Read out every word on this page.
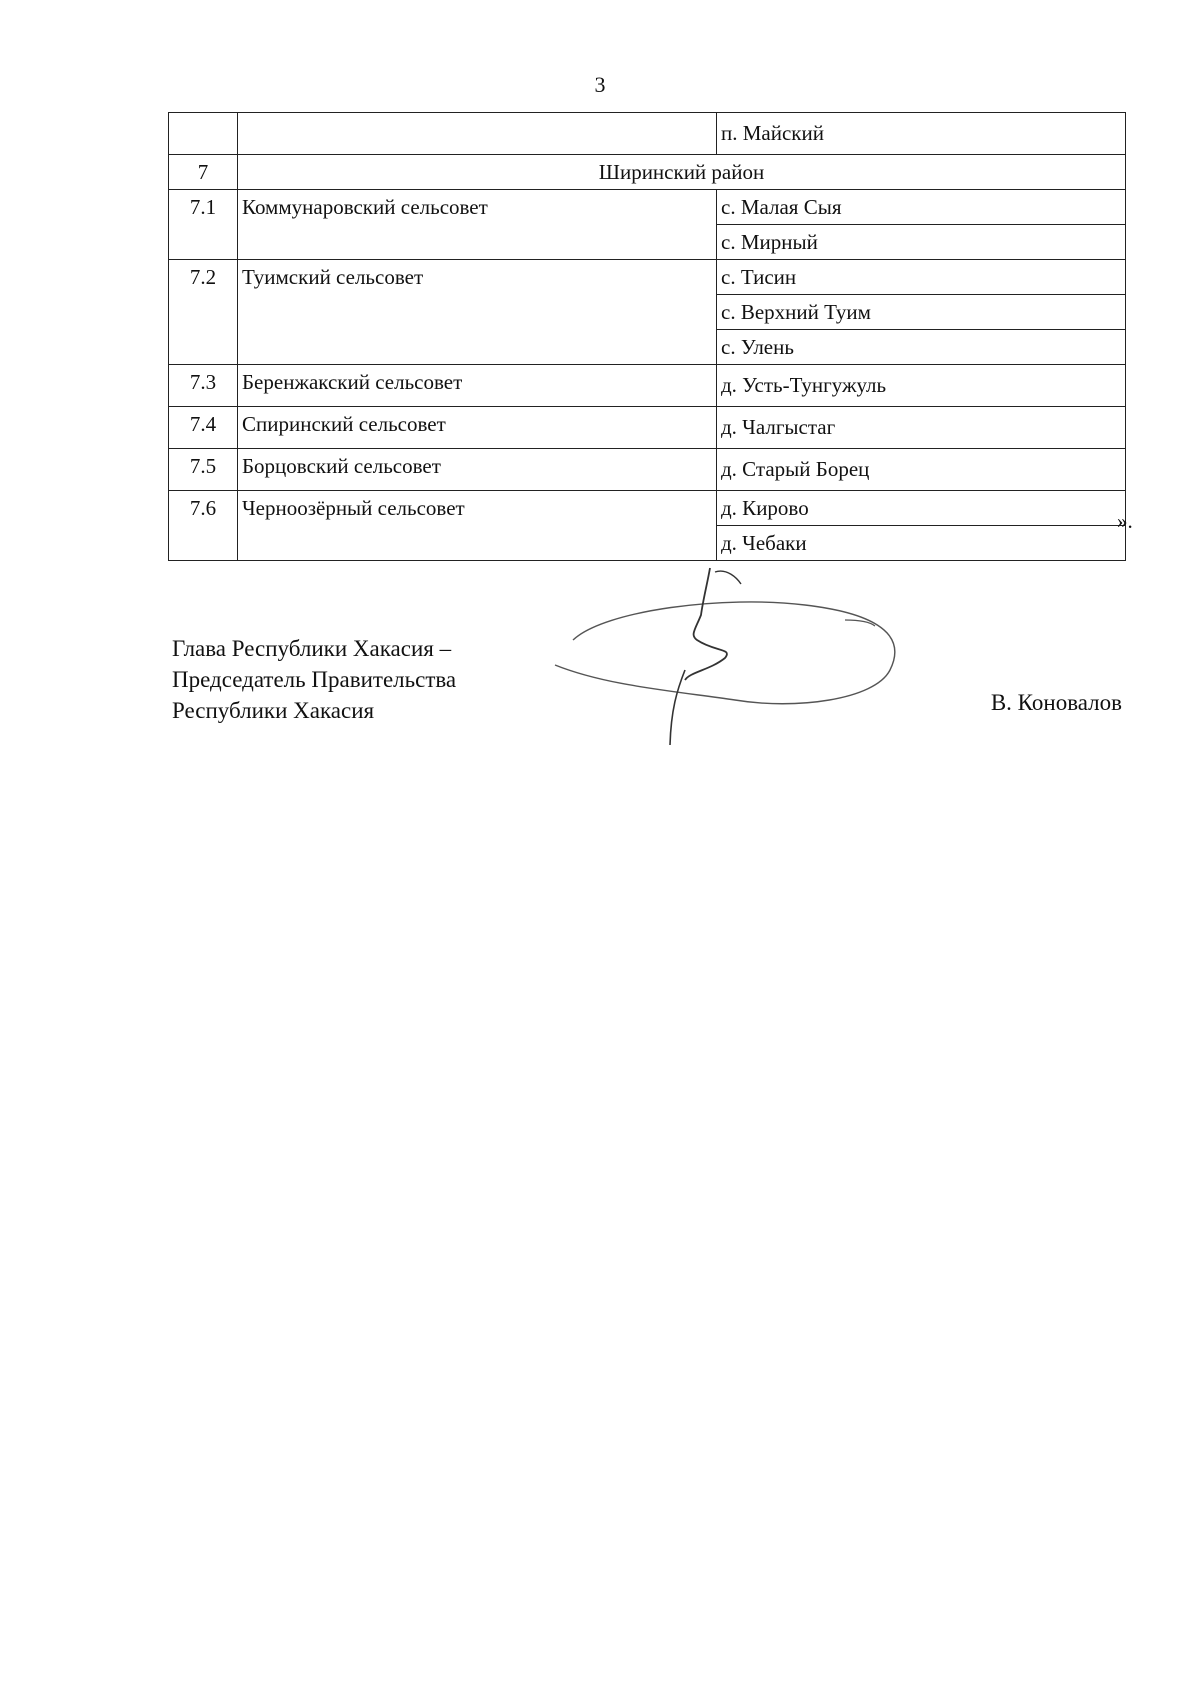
3
		п. Майский
7	Ширинский район	
7.1	Коммунаровский сельсовет	с. Малая Сыя
		с. Мирный
7.2	Туимский сельсовет	с. Тисин
		с. Верхний Туим
		с. Улень
7.3	Беренжакский сельсовет	д. Усть-Тунгужуль
7.4	Спиринский сельсовет	д. Чалгыстаг
7.5	Борцовский сельсовет	д. Старый Борец
7.6	Черноозёрный сельсовет	д. Кирово
		д. Чебаки
».
Глава Республики Хакасия –
Председатель Правительства
Республики Хакасия	В. Коновалов
